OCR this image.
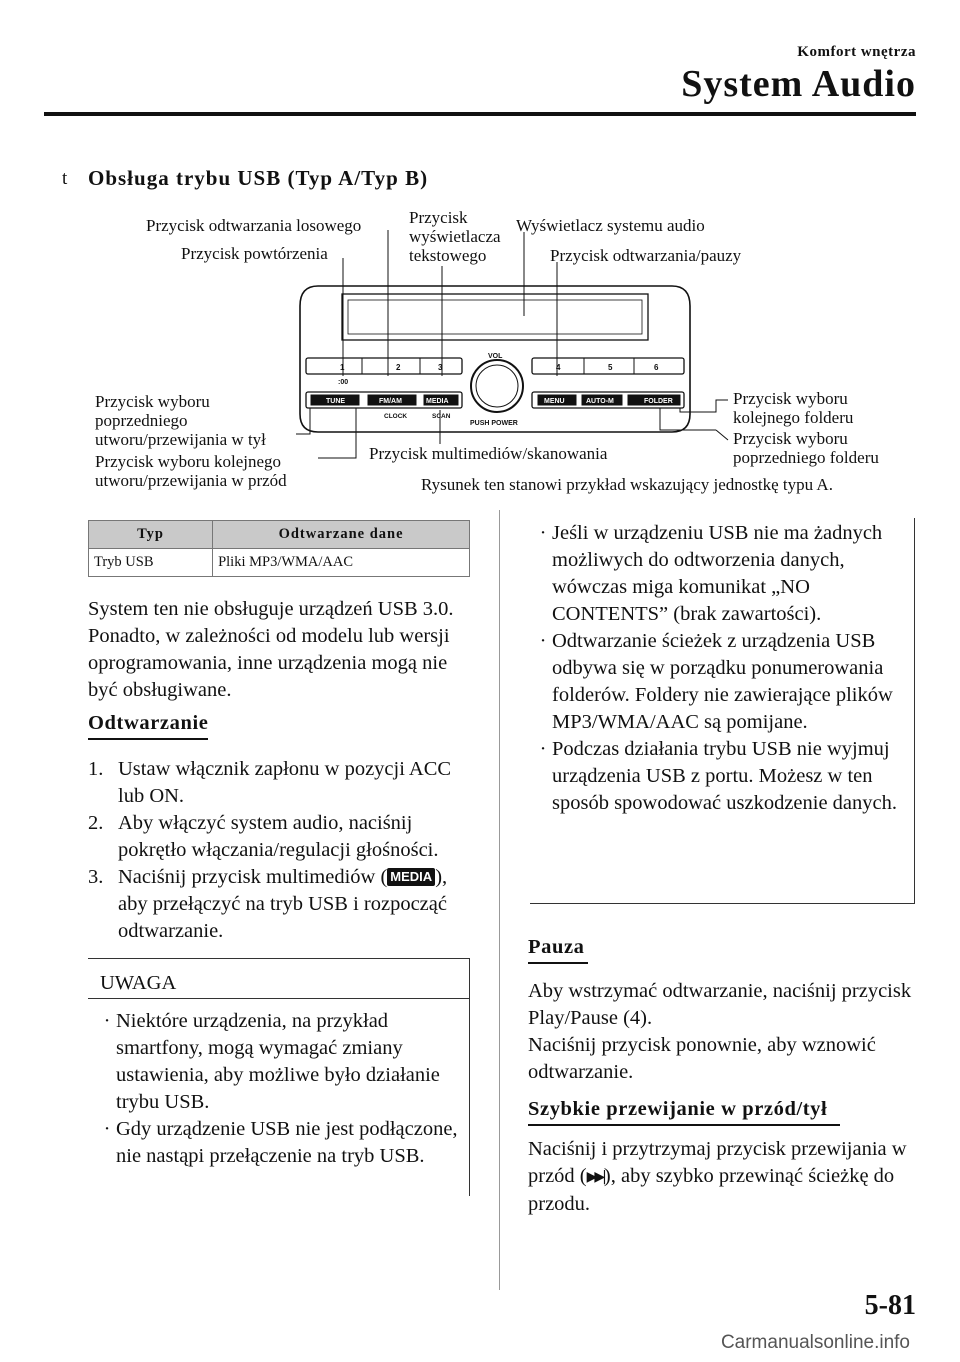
Komfort wnętrza
System Audio
t Obsługa trybu USB (Typ A/Typ B)
Przycisk odtwarzania losowego
Przycisk powtórzenia
Przycisk
wyświetlacza
tekstowego
Wyświetlacz systemu audio
Przycisk odtwarzania/pauzy
Przycisk wyboru
poprzedniego
utworu/przewijania w tył
Przycisk wyboru kolejnego
utworu/przewijania w przód
Przycisk multimediów/skanowania
Przycisk wyboru
kolejnego folderu
Przycisk wyboru
poprzedniego folderu
Rysunek ten stanowi przykład wskazujący jednostkę typu A.
1	2	3	4	5	6
:00
VOL
PUSH POWER
TUNE	FM/AM	MEDIA
CLOCK	SCAN
MENU	AUTO-M	FOLDER
Typ	Odtwarzane dane
Tryb USB	Pliki MP3/WMA/AAC
System ten nie obsługuje urządzeń USB 3.0. Ponadto, w zależności od modelu lub wersji oprogramowania, inne urządzenia mogą nie być obsługiwane.
Odtwarzanie
1. Ustaw włącznik zapłonu w pozycji ACC lub ON.
2. Aby włączyć system audio, naciśnij pokrętło włączania/regulacji głośności.
3. Naciśnij przycisk multimediów ( MEDIA ), aby przełączyć na tryb USB i rozpocząć odtwarzanie.
UWAGA
· Niektóre urządzenia, na przykład smartfony, mogą wymagać zmiany ustawienia, aby możliwe było działanie trybu USB.
· Gdy urządzenie USB nie jest podłączone, nie nastąpi przełączenie na tryb USB.
· Jeśli w urządzeniu USB nie ma żadnych możliwych do odtworzenia danych, wówczas miga komunikat „NO CONTENTS” (brak zawartości).
· Odtwarzanie ścieżek z urządzenia USB odbywa się w porządku ponumerowania folderów. Foldery nie zawierające plików MP3/WMA/AAC są pomijane.
· Podczas działania trybu USB nie wyjmuj urządzenia USB z portu. Możesz w ten sposób spowodować uszkodzenie danych.
Pauza
Aby wstrzymać odtwarzanie, naciśnij przycisk Play/Pause (4).
Naciśnij przycisk ponownie, aby wznowić odtwarzanie.
Szybkie przewijanie w przód/tył
Naciśnij i przytrzymaj przycisk przewijania w przód (▶▶|), aby szybko przewinąć ścieżkę do przodu.
5-81
Carmanualsonline.info
